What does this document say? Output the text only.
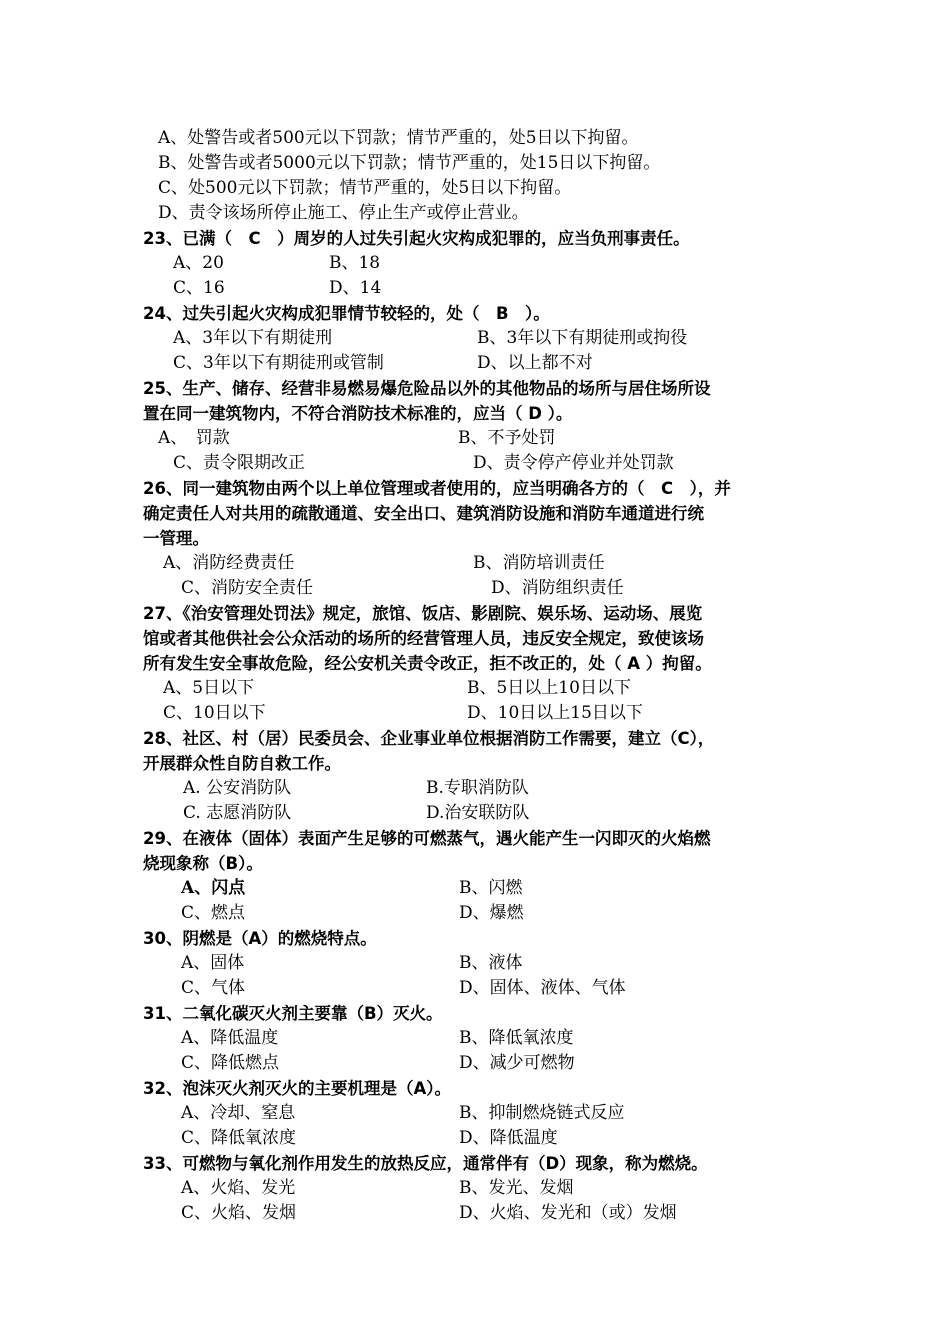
A、处警告或者500元以下罚款；情节严重的，处5日以下拘留。
B、处警告或者5000元以下罚款；情节严重的，处15日以下拘留。
C、处500元以下罚款；情节严重的，处5日以下拘留。
D、责令该场所停止施工、停止生产或停止营业。
23、已满（　C　）周岁的人过失引起火灾构成犯罪的，应当负刑事责任。
A、20	B、18
C、16	D、14
24、过失引起火灾构成犯罪情节较轻的，处（　B　）。
A、3年以下有期徒刑	B、3年以下有期徒刑或拘役
C、3年以下有期徒刑或管制	D、以上都不对
25、生产、储存、经营非易燃易爆危险品以外的其他物品的场所与居住场所设
置在同一建筑物内，不符合消防技术标准的，应当（ D ）。
A、　罚款	B、不予处罚
C、责令限期改正	D、责令停产停业并处罚款
26、同一建筑物由两个以上单位管理或者使用的，应当明确各方的（　C　），并
确定责任人对共用的疏散通道、安全出口、建筑消防设施和消防车通道进行统
一管理。
A、消防经费责任	B、消防培训责任
C、消防安全责任	D、消防组织责任
27、《治安管理处罚法》规定，旅馆、饭店、影剧院、娱乐场、运动场、展览
馆或者其他供社会公众活动的场所的经营管理人员，违反安全规定，致使该场
所有发生安全事故危险，经公安机关责令改正，拒不改正的，处（ A ）拘留。
A、5日以下	B、5日以上10日以下
C、10日以下	D、10日以上15日以下
28、社区、村（居）民委员会、企业事业单位根据消防工作需要，建立（C），
开展群众性自防自救工作。
A. 公安消防队	B.专职消防队
C. 志愿消防队	D.治安联防队
29、在液体（固体）表面产生足够的可燃蒸气，遇火能产生一闪即灭的火焰燃
烧现象称（B）。
A、闪点	B、闪燃
C、燃点	D、爆燃
30、阴燃是（A）的燃烧特点。
A、固体	B、液体
C、气体	D、固体、液体、气体
31、二氧化碳灭火剂主要靠（B）灭火。
A、降低温度	B、降低氧浓度
C、降低燃点	D、减少可燃物
32、泡沫灭火剂灭火的主要机理是（A）。
A、冷却、窒息	B、抑制燃烧链式反应
C、降低氧浓度	D、降低温度
33、可燃物与氧化剂作用发生的放热反应，通常伴有（D）现象，称为燃烧。
A、火焰、发光	B、发光、发烟
C、火焰、发烟	D、火焰、发光和（或）发烟
